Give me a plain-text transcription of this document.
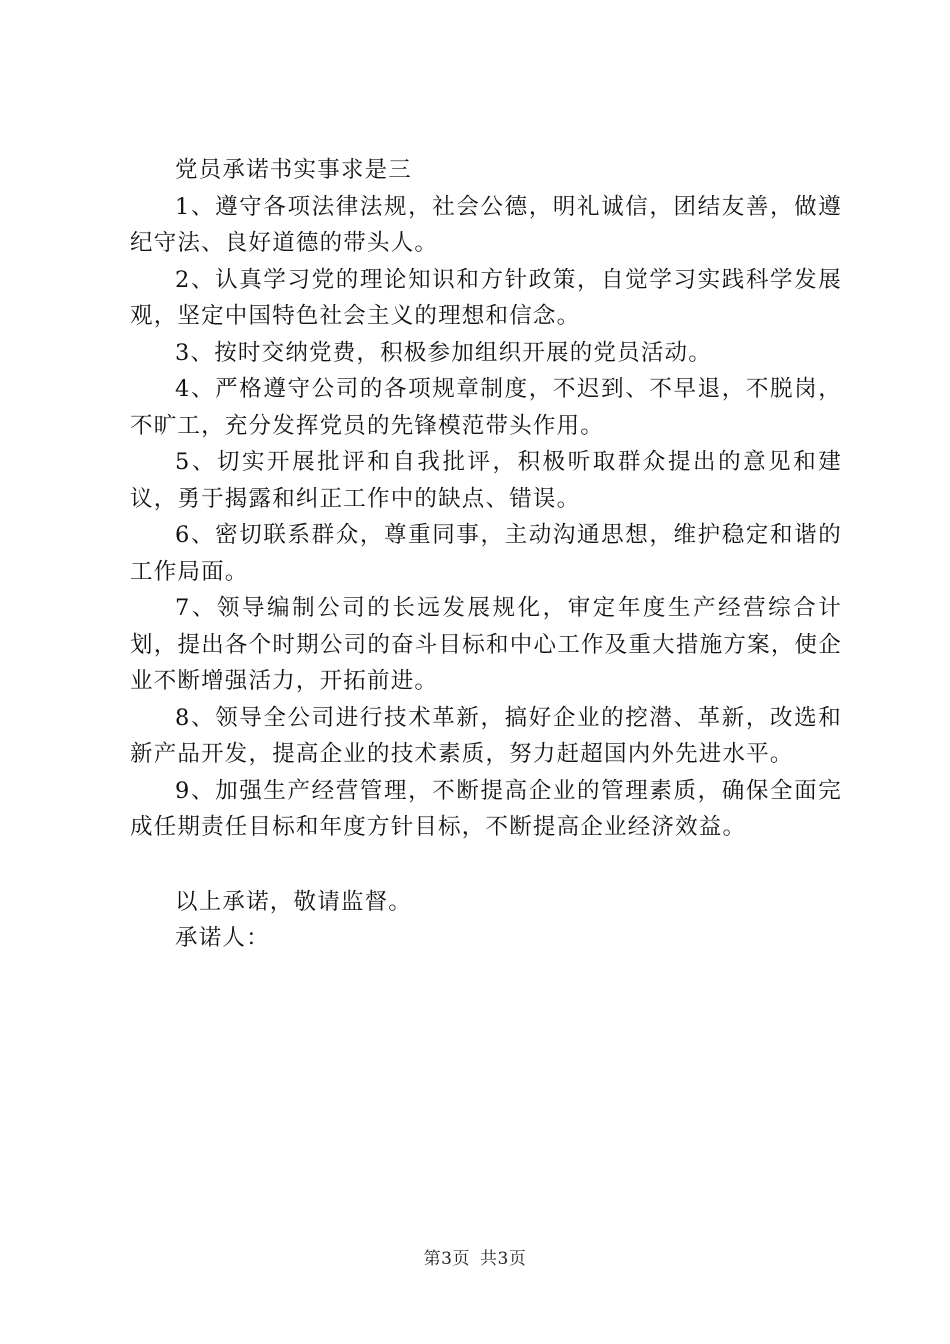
党员承诺书实事求是三

1、遵守各项法律法规，社会公德，明礼诚信，团结友善，做遵纪守法、良好道德的带头人。

2、认真学习党的理论知识和方针政策，自觉学习实践科学发展观，坚定中国特色社会主义的理想和信念。

3、按时交纳党费，积极参加组织开展的党员活动。

4、严格遵守公司的各项规章制度，不迟到、不早退，不脱岗，不旷工，充分发挥党员的先锋模范带头作用。

5、切实开展批评和自我批评，积极听取群众提出的意见和建议，勇于揭露和纠正工作中的缺点、错误。

6、密切联系群众，尊重同事，主动沟通思想，维护稳定和谐的工作局面。

7、领导编制公司的长远发展规化，审定年度生产经营综合计划，提出各个时期公司的奋斗目标和中心工作及重大措施方案，使企业不断增强活力，开拓前进。

8、领导全公司进行技术革新，搞好企业的挖潜、革新，改选和新产品开发，提高企业的技术素质，努力赶超国内外先进水平。

9、加强生产经营管理，不断提高企业的管理素质，确保全面完成任期责任目标和年度方针目标，不断提高企业经济效益。

以上承诺，敬请监督。

承诺人：

第3页 共3页
